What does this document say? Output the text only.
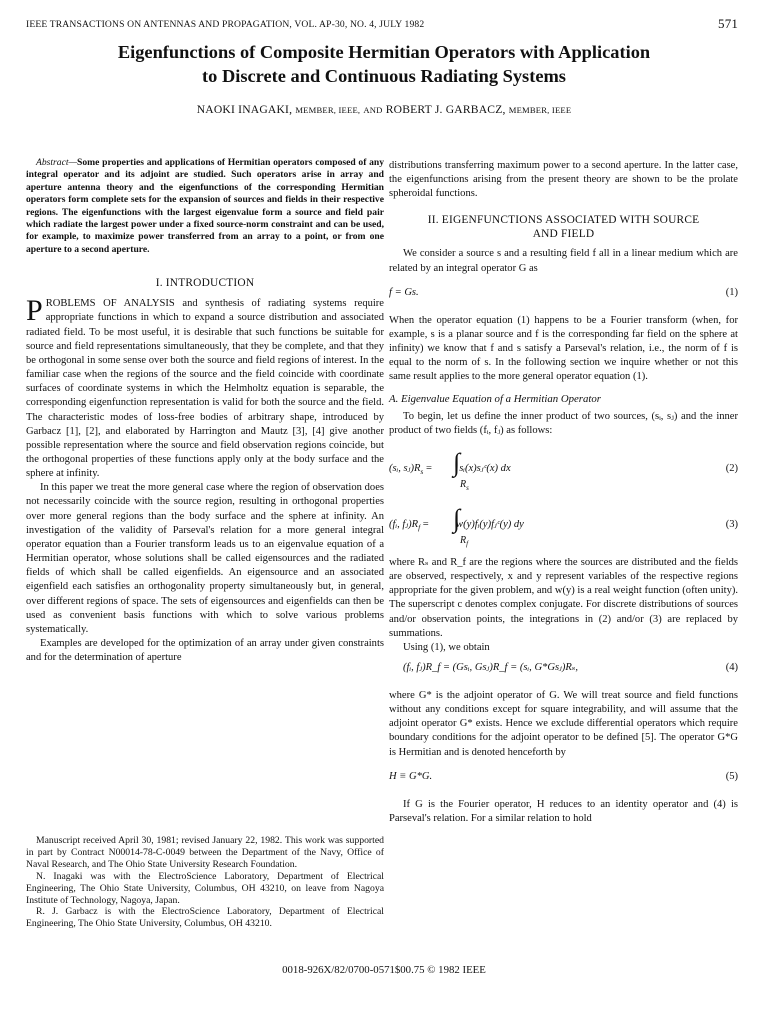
IEEE TRANSACTIONS ON ANTENNAS AND PROPAGATION, VOL. AP-30, NO. 4, JULY 1982	571
Eigenfunctions of Composite Hermitian Operators with Application
to Discrete and Continuous Radiating Systems
NAOKI INAGAKI, MEMBER, IEEE, AND ROBERT J. GARBACZ, MEMBER, IEEE

Abstract—Some properties and applications of Hermitian operators composed of any integral operator and its adjoint are studied. Such operators arise in array and aperture antenna theory and the eigenfunctions of the corresponding Hermitian operators form complete sets for the expansion of sources and fields in their respective regions. The eigenfunctions with the largest eigenvalue form a source and field pair which radiate the largest power under a fixed source-norm constraint and can be used, for example, to maximize power transferred from an array to a point, or from one aperture to a second aperture.

I. INTRODUCTION

PROBLEMS OF ANALYSIS and synthesis of radiating systems require appropriate functions in which to expand a source distribution and associated radiated field. To be most useful, it is desirable that such functions be suitable for source and field representations simultaneously, that they be complete, and that they be orthogonal in some sense over both the source and field regions of interest. In the familiar case when the regions of the source and the field coincide with coordinate surfaces of coordinate systems in which the Helmholtz equation is separable, the corresponding eigenfunction representation is valid for both the source and the field. The characteristic modes of loss-free bodies of arbitrary shape, introduced by Garbacz [1], [2], and elaborated by Harrington and Mautz [3], [4] give another possible representation where the source and field observation regions coincide, but the orthogonal properties of these functions apply only at the body surface and the sphere at infinity.

In this paper we treat the more general case where the region of observation does not necessarily coincide with the source region, resulting in orthogonal properties over more general regions than the body surface and the sphere at infinity. An investigation of the validity of Parseval's relation for a more general integral operator equation than a Fourier transform leads us to an eigenvalue equation of a Hermitian operator, whose solutions shall be called eigensources and the radiated fields of which shall be called eigenfields. An eigensource and an associated eigenfield each satisfies an orthogonality property simultaneously but, in general, over different regions of space. The sets of eigensources and eigenfields can then be used as convenient basis functions with which to solve various problems systematically.

Examples are developed for the optimization of an array under given constraints and for the determination of aperture

Manuscript received April 30, 1981; revised January 22, 1982. This work was supported in part by Contract N00014-78-C-0049 between the Department of the Navy, Office of Naval Research, and The Ohio State University Research Foundation.

N. Inagaki was with the ElectroScience Laboratory, Department of Electrical Engineering, The Ohio State University, Columbus, OH 43210, on leave from Nagoya Institute of Technology, Nagoya, Japan.

R. J. Garbacz is with the ElectroScience Laboratory, Department of Electrical Engineering, The Ohio State University, Columbus, OH 43210.

distributions transferring maximum power to a second aperture. In the latter case, the eigenfunctions arising from the present theory are shown to be the prolate spheroidal functions.

II. EIGENFUNCTIONS ASSOCIATED WITH SOURCE
AND FIELD

We consider a source s and a resulting field f all in a linear medium which are related by an integral operator G as

f = Gs.	(1)

When the operator equation (1) happens to be a Fourier transform (when, for example, s is a planar source and f is the corresponding far field on the sphere at infinity) we know that f and s satisfy a Parseval's relation, i.e., the norm of f is equal to the norm of s. In the following section we inquire whether or not this same result applies to the more general operator equation (1).

A. Eigenvalue Equation of a Hermitian Operator

To begin, let us define the inner product of two sources, (sᵢ, sⱼ) and the inner product of two fields (fᵢ, fⱼ) as follows:

(sᵢ, $sⱼ)R_s$ =  sᵢ(x)sⱼᶜ(x) dx
∫
$R_s$
(2)
(fᵢ, $fⱼ)R_f$ =  w(y)fᵢ(y)fⱼᶜ(y) dy
∫
$R_f$
(3)

where Rₛ and R_f are the regions where the sources are distributed and the fields are observed, respectively, x and y represent variables of the respective regions appropriate for the given problem, and w(y) is a real weight function (often unity). The superscript c denotes complex conjugate. For discrete distributions of sources and/or observation points, the integrations in (2) and/or (3) are replaced by summations.

Using (1), we obtain

(fᵢ, fⱼ)R_f = (Gsᵢ, Gsⱼ)R_f = (sᵢ, G*Gsⱼ)Rₛ,	(4)

where G* is the adjoint operator of G. We will treat source and field functions without any conditions except for square integrability, and will assume that the adjoint operator G* exists. Hence we exclude differential operators which require boundary conditions for the adjoint operator to be defined [5]. The operator G*G is Hermitian and is denoted henceforth by

H ≡ G*G.	(5)

If G is the Fourier operator, H reduces to an identity operator and (4) is Parseval's relation. For a similar relation to hold

0018-926X/82/0700-0571$00.75 © 1982 IEEE
